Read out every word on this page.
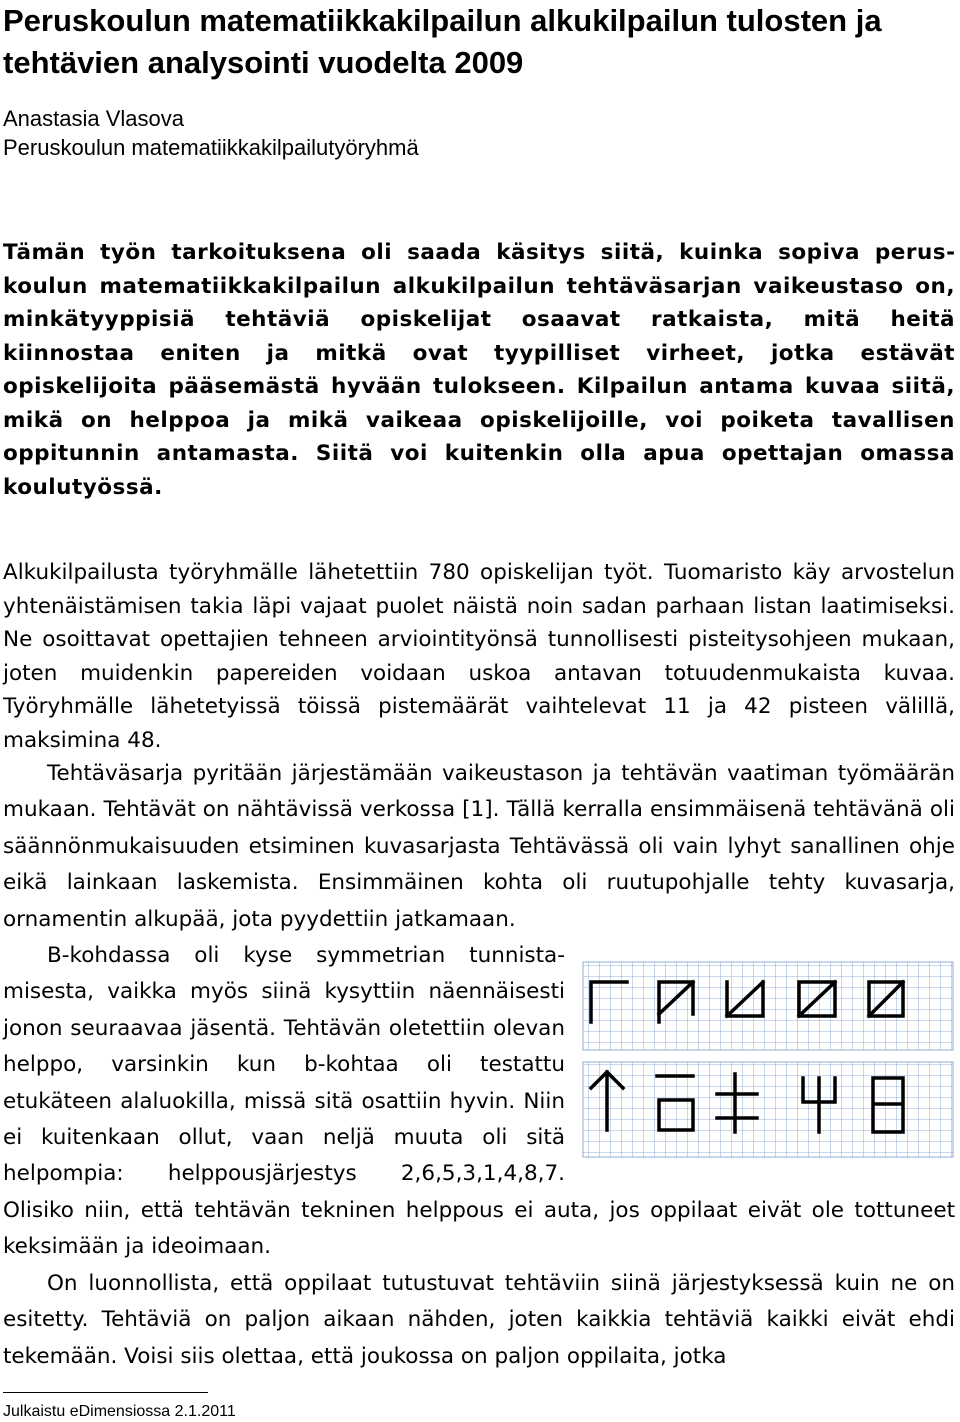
Peruskoulun matematiikkakilpailun alkukilpailun tulosten ja tehtävien analysointi vuodelta 2009
Anastasia Vlasova
Peruskoulun matematiikkakilpailutyöryhmä

Tämän työn tarkoituksena oli saada käsitys siitä, kuinka sopiva peruskoulun matematiikkakilpailun alkukilpailun tehtäväsarjan vaikeustaso on, minkätyyppisiä tehtäviä opiskelijat osaavat ratkaista, mitä heitä kiinnostaa eniten ja mitkä ovat tyypilliset virheet, jotka estävät opiskelijoita pääsemästä hyvään tulokseen. Kilpailun antama kuvaa siitä, mikä on helppoa ja mikä vaikeaa opiskelijoille, voi poiketa tavallisen oppitunnin antamasta. Siitä voi kuitenkin olla apua opettajan omassa koulutyössä.

Alkukilpailusta työryhmälle lähetettiin 780 opiskelijan työt. Tuomaristo käy arvostelun yhtenäistämisen takia läpi vajaat puolet näistä noin sadan parhaan listan laatimiseksi. Ne osoittavat opettajien tehneen arviointityönsä tunnollisesti pisteitysohjeen mukaan, joten muidenkin papereiden voidaan uskoa antavan totuudenmukaista kuvaa. Työryhmälle lähetetyissä töissä pistemäärät vaihtelevat 11 ja 42 pisteen välillä, maksimina 48.

Tehtäväsarja pyritään järjestämään vaikeustason ja tehtävän vaatiman työmäärän mukaan. Tehtävät on nähtävissä verkossa [1]. Tällä kerralla ensimmäisenä tehtävänä oli säännönmukaisuuden etsiminen kuvasarjasta Tehtävässä oli vain lyhyt sanallinen ohje eikä lainkaan laskemista. Ensimmäinen kohta oli ruutupohjalle tehty kuvasarja, ornamentin alkupää, jota pyydettiin jatkamaan.

B-kohdassa oli kyse symmetrian tunnistamisesta, vaikka myös siinä kysyttiin näennäisesti jonon seuraavaa jäsentä. Tehtävän oletettiin olevan helppo, varsinkin kun b-kohtaa oli testattu etukäteen alaluokilla, missä sitä osattiin hyvin. Niin ei kuitenkaan ollut, vaan neljä muuta oli sitä helpompia: helppousjärjestys 2,6,5,3,1,4,8,7. Olisiko niin, että tehtävän tekninen helppous ei auta, jos oppilaat eivät ole tottuneet keksimään ja ideoimaan.

On luonnollista, että oppilaat tutustuvat tehtäviin siinä järjestyksessä kuin ne on esitetty. Tehtäviä on paljon aikaan nähden, joten kaikkia tehtäviä kaikki eivät ehdi tekemään. Voisi siis olettaa, että joukossa on paljon oppilaita, jotka

Julkaistu eDimensiossa 2.1.2011
